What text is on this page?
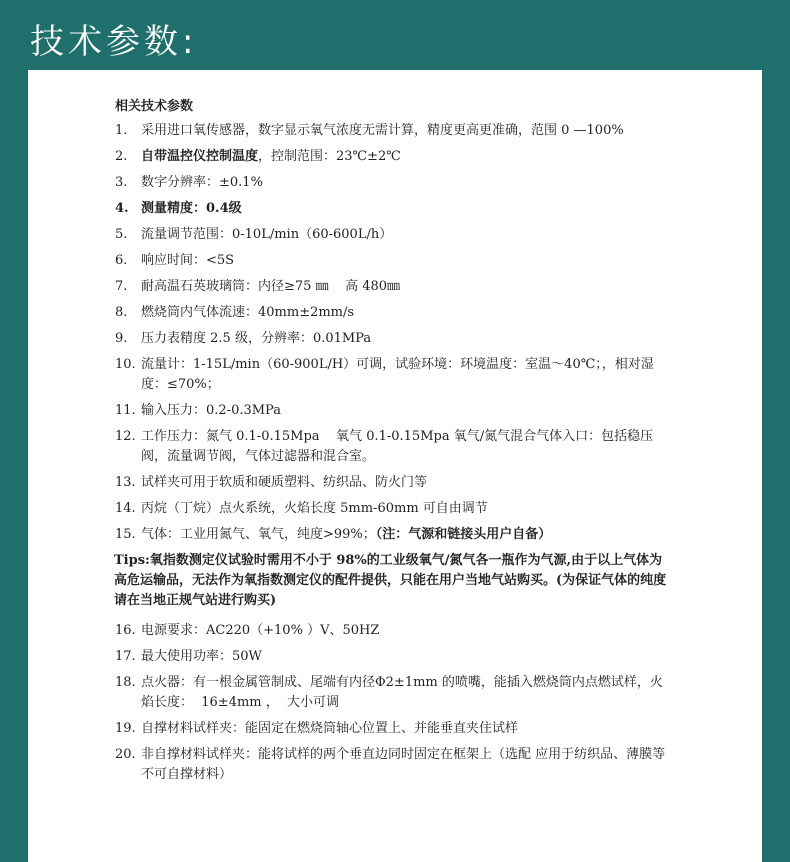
技术参数:
相关技术参数
1.	采用进口氧传感器，数字显示氧气浓度无需计算，精度更高更准确，范围 0 —100%
2.	自带温控仪控制温度，控制范围：23℃±2℃
3.	数字分辨率：±0.1%
4. 测量精度：0.4级
5.	流量调节范围：0-10L/min（60-600L/h）
6.	响应时间：<5S
7.	耐高温石英玻璃筒：内径≥75 ㎜    高 480㎜
8.	燃烧筒内气体流速：40mm±2mm/s
9.	压力表精度 2.5 级，分辨率：0.01MPa
10. 流量计：1-15L/min（60-900L/H）可调，试验环境：环境温度：室温～40℃；，相对湿度：≤70%；
11. 输入压力：0.2-0.3MPa
12. 工作压力：氮气 0.1-0.15Mpa    氧气 0.1-0.15Mpa 氧气/氮气混合气体入口：包括稳压阀，流量调节阀，气体过滤器和混合室。
13. 试样夹可用于软质和硬质塑料、纺织品、防火门等
14. 丙烷（丁烷）点火系统，火焰长度 5mm-60mm 可自由调节
15. 气体：工业用氮气、氧气，纯度>99%；（注：气源和链接头用户自备）
Tips:氧指数测定仪试验时需用不小于 98%的工业级氧气/氮气各一瓶作为气源,由于以上气体为高危运输品，无法作为氧指数测定仪的配件提供，只能在用户当地气站购买。(为保证气体的纯度请在当地正规气站进行购买)
16. 电源要求：AC220（+10% ）V、50HZ
17. 最大使用功率：50W
18. 点火器：有一根金属管制成、尾端有内径Φ2±1mm 的喷嘴，能插入燃烧筒内点燃试样，火焰长度：  16±4mm ，  大小可调
19. 自撑材料试样夹：能固定在燃烧筒轴心位置上、并能垂直夹住试样
20. 非自撑材料试样夹：能将试样的两个垂直边同时固定在框架上（选配 应用于纺织品、薄膜等不可自撑材料）
